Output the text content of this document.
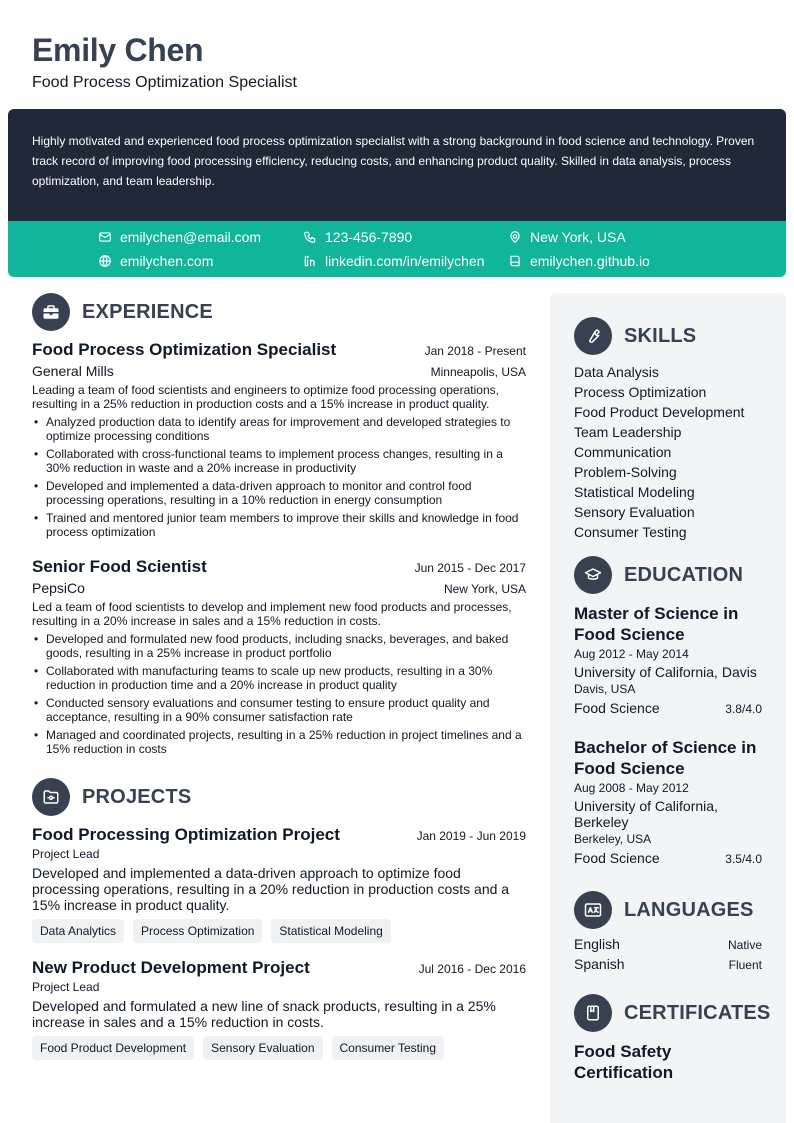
Emily Chen
Food Process Optimization Specialist
Highly motivated and experienced food process optimization specialist with a strong background in food science and technology. Proven track record of improving food processing efficiency, reducing costs, and enhancing product quality. Skilled in data analysis, process optimization, and team leadership.
emilychen@email.com	123-456-7890	New York, USA
emilychen.com	linkedin.com/in/emilychen	emilychen.github.io
EXPERIENCE
Food Process Optimization Specialist	Jan 2018 - Present
General Mills	Minneapolis, USA
Leading a team of food scientists and engineers to optimize food processing operations, resulting in a 25% reduction in production costs and a 15% increase in product quality.
• Analyzed production data to identify areas for improvement and developed strategies to optimize processing conditions
• Collaborated with cross-functional teams to implement process changes, resulting in a 30% reduction in waste and a 20% increase in productivity
• Developed and implemented a data-driven approach to monitor and control food processing operations, resulting in a 10% reduction in energy consumption
• Trained and mentored junior team members to improve their skills and knowledge in food process optimization
Senior Food Scientist	Jun 2015 - Dec 2017
PepsiCo	New York, USA
Led a team of food scientists to develop and implement new food products and processes, resulting in a 20% increase in sales and a 15% reduction in costs.
• Developed and formulated new food products, including snacks, beverages, and baked goods, resulting in a 25% increase in product portfolio
• Collaborated with manufacturing teams to scale up new products, resulting in a 30% reduction in production time and a 20% increase in product quality
• Conducted sensory evaluations and consumer testing to ensure product quality and acceptance, resulting in a 90% consumer satisfaction rate
• Managed and coordinated projects, resulting in a 25% reduction in project timelines and a 15% reduction in costs
PROJECTS
Food Processing Optimization Project	Jan 2019 - Jun 2019
Project Lead
Developed and implemented a data-driven approach to optimize food processing operations, resulting in a 20% reduction in production costs and a 15% increase in product quality.
Data Analytics	Process Optimization	Statistical Modeling
New Product Development Project	Jul 2016 - Dec 2016
Project Lead
Developed and formulated a new line of snack products, resulting in a 25% increase in sales and a 15% reduction in costs.
Food Product Development	Sensory Evaluation	Consumer Testing
SKILLS
Data Analysis
Process Optimization
Food Product Development
Team Leadership
Communication
Problem-Solving
Statistical Modeling
Sensory Evaluation
Consumer Testing
EDUCATION
Master of Science in Food Science
Aug 2012 - May 2014
University of California, Davis
Davis, USA
Food Science	3.8/4.0
Bachelor of Science in Food Science
Aug 2008 - May 2012
University of California, Berkeley
Berkeley, USA
Food Science	3.5/4.0
LANGUAGES
English	Native
Spanish	Fluent
CERTIFICATES
Food Safety Certification
